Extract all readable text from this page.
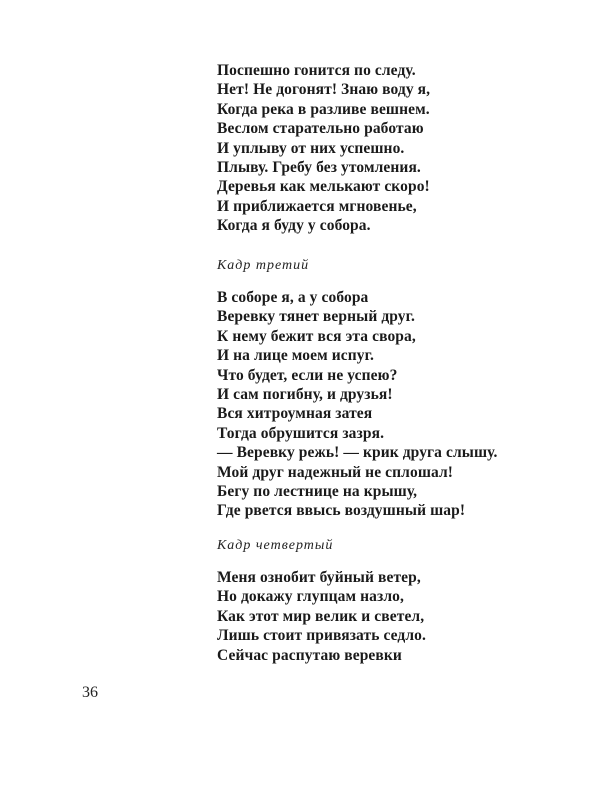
Поспешно гонится по следу.
Нет! Не догонят! Знаю воду я,
Когда река в разливе вешнем.
Веслом старательно работаю
И уплыву от них успешно.
Плыву. Гребу без утомления.
Деревья как мелькают скоро!
И приближается мгновенье,
Когда я буду у собора.
Кадр третий
В соборе я, а у собора
Веревку тянет верный друг.
К нему бежит вся эта свора,
И на лице моем испуг.
Что будет, если не успею?
И сам погибну, и друзья!
Вся хитроумная затея
Тогда обрушится зазря.
— Веревку режь! — крик друга слышу.
Мой друг надежный не сплошал!
Бегу по лестнице на крышу,
Где рвется ввысь воздушный шар!
Кадр четвертый
Меня ознобит буйный ветер,
Но докажу глупцам назло,
Как этот мир велик и светел,
Лишь стоит привязать седло.
Сейчас распутаю веревки
36
